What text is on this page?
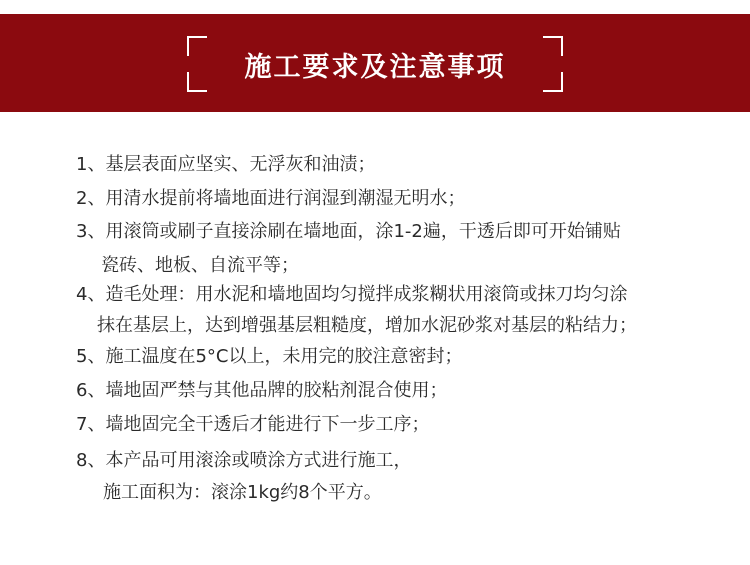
施工要求及注意事项
1、基层表面应坚实、无浮灰和油渍；
2、用清水提前将墙地面进行润湿到潮湿无明水；
3、用滚筒或刷子直接涂刷在墙地面，涂1-2遍，干透后即可开始铺贴
瓷砖、地板、自流平等；
4、造毛处理：用水泥和墙地固均匀搅拌成浆糊状用滚筒或抹刀均匀涂
抹在基层上，达到增强基层粗糙度，增加水泥砂浆对基层的粘结力；
5、施工温度在5°C以上，未用完的胶注意密封；
6、墙地固严禁与其他品牌的胶粘剂混合使用；
7、墙地固完全干透后才能进行下一步工序；
8、本产品可用滚涂或喷涂方式进行施工，
施工面积为：滚涂1kg约8个平方。
